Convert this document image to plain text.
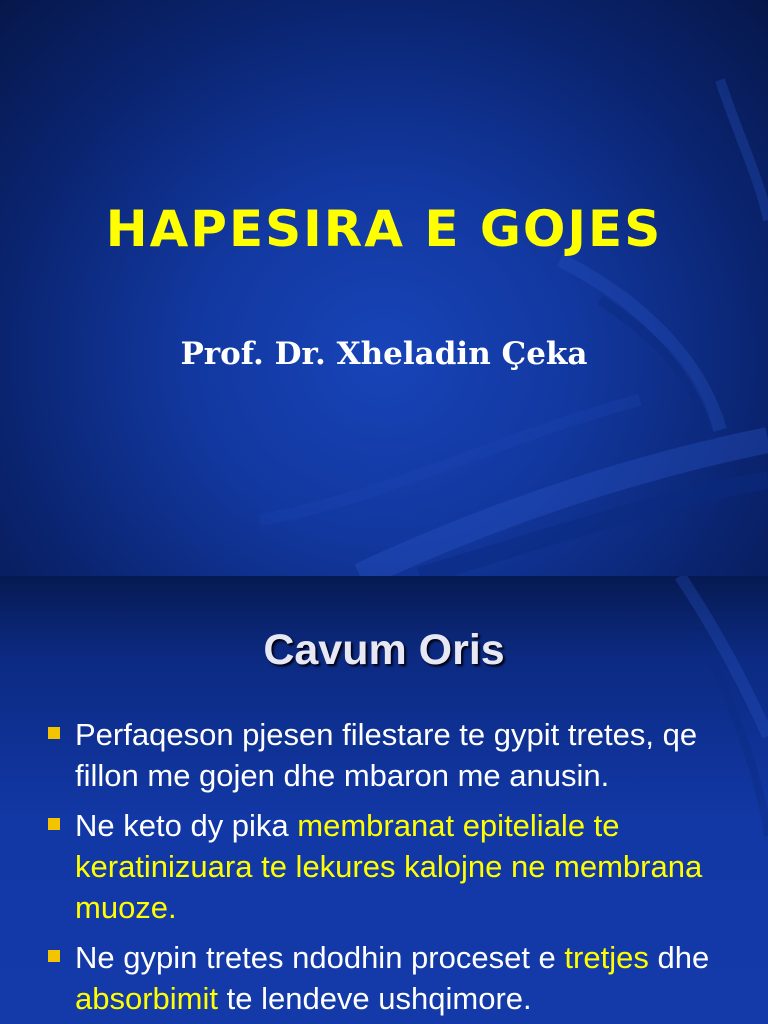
HAPESIRA E GOJES
Prof. Dr. Xheladin Çeka
Cavum Oris
Perfaqeson pjesen filestare te gypit tretes, qe fillon me gojen dhe mbaron me anusin.
Ne keto dy pika membranat epiteliale te keratinizuara te lekures kalojne ne membrana muoze.
Ne gypin tretes ndodhin proceset e tretjes dhe absorbimit te lendeve ushqimore.
